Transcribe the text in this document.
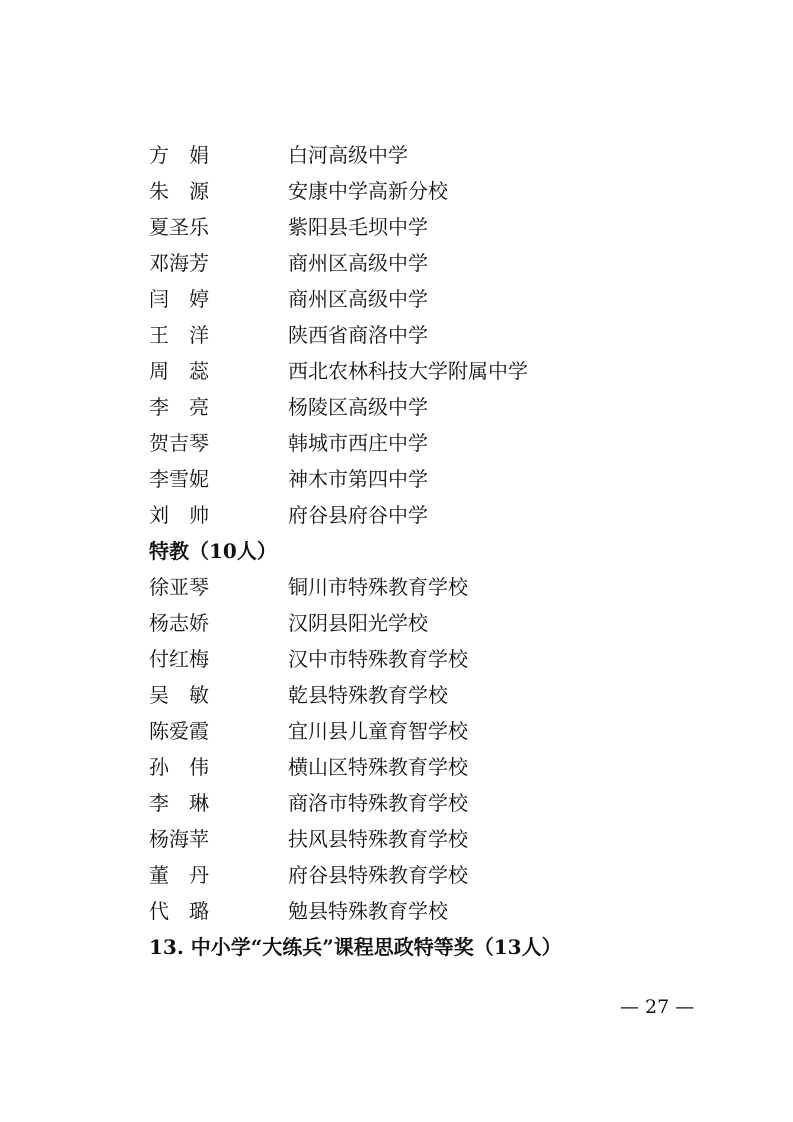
方　娟	白河高级中学
朱　源	安康中学高新分校
夏圣乐	紫阳县毛坝中学
邓海芳	商州区高级中学
闫　婷	商州区高级中学
王　洋	陕西省商洛中学
周　蕊	西北农林科技大学附属中学
李　亮	杨陵区高级中学
贺吉琴	韩城市西庄中学
李雪妮	神木市第四中学
刘　帅	府谷县府谷中学
特教（10人）
徐亚琴	铜川市特殊教育学校
杨志娇	汉阴县阳光学校
付红梅	汉中市特殊教育学校
吴　敏	乾县特殊教育学校
陈爱霞	宜川县儿童育智学校
孙　伟	横山区特殊教育学校
李　琳	商洛市特殊教育学校
杨海苹	扶风县特殊教育学校
董　丹	府谷县特殊教育学校
代　璐	勉县特殊教育学校
13. 中小学“大练兵”课程思政特等奖（13人）
— 27 —
